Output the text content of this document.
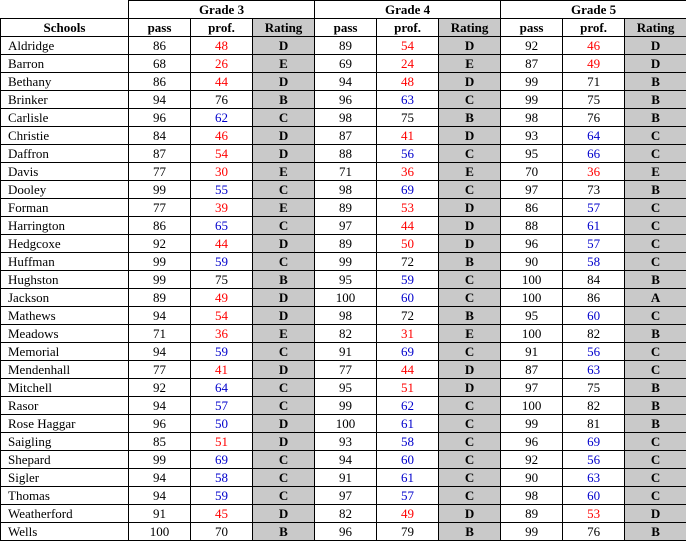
	Grade 3			Grade 4			Grade 5		
Schools	pass	prof.	Rating	pass	prof.	Rating	pass	prof.	Rating
Aldridge	86	48	D	89	54	D	92	46	D
Barron	68	26	E	69	24	E	87	49	D
Bethany	86	44	D	94	48	D	99	71	B
Brinker	94	76	B	96	63	C	99	75	B
Carlisle	96	62	C	98	75	B	98	76	B
Christie	84	46	D	87	41	D	93	64	C
Daffron	87	54	D	88	56	C	95	66	C
Davis	77	30	E	71	36	E	70	36	E
Dooley	99	55	C	98	69	C	97	73	B
Forman	77	39	E	89	53	D	86	57	C
Harrington	86	65	C	97	44	D	88	61	C
Hedgcoxe	92	44	D	89	50	D	96	57	C
Huffman	99	59	C	99	72	B	90	58	C
Hughston	99	75	B	95	59	C	100	84	B
Jackson	89	49	D	100	60	C	100	86	A
Mathews	94	54	D	98	72	B	95	60	C
Meadows	71	36	E	82	31	E	100	82	B
Memorial	94	59	C	91	69	C	91	56	C
Mendenhall	77	41	D	77	44	D	87	63	C
Mitchell	92	64	C	95	51	D	97	75	B
Rasor	94	57	C	99	62	C	100	82	B
Rose Haggar	96	50	D	100	61	C	99	81	B
Saigling	85	51	D	93	58	C	96	69	C
Shepard	99	69	C	94	60	C	92	56	C
Sigler	94	58	C	91	61	C	90	63	C
Thomas	94	59	C	97	57	C	98	60	C
Weatherford	91	45	D	82	49	D	89	53	D
Wells	100	70	B	96	79	B	99	76	B
